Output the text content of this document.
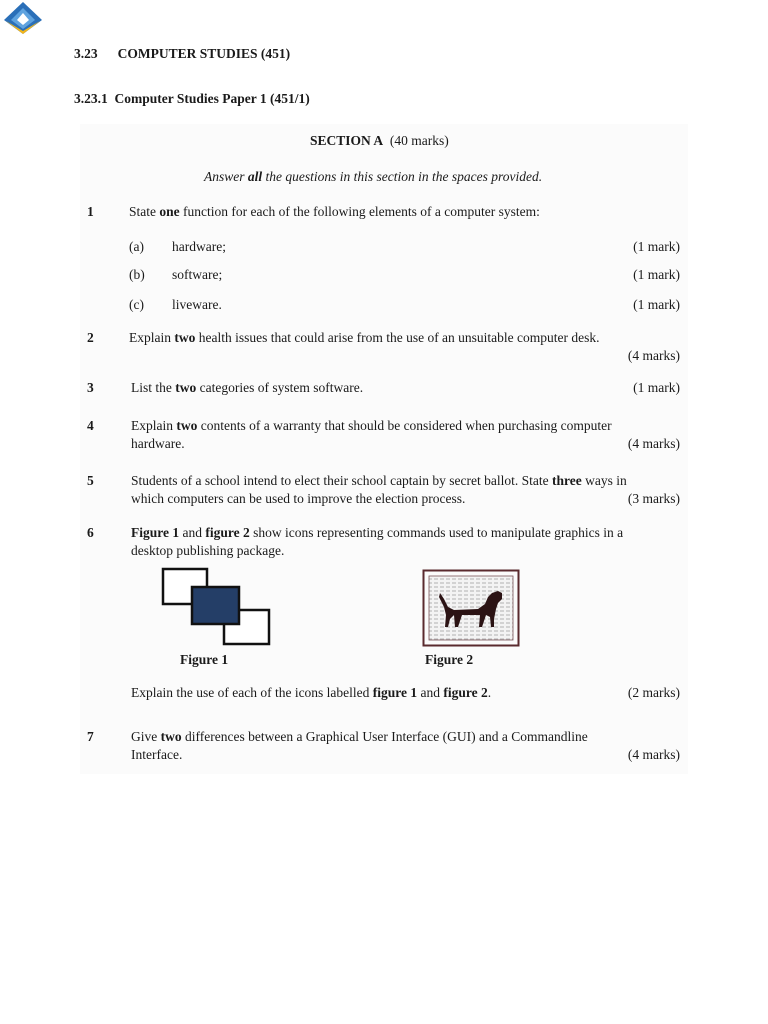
3.23 COMPUTER STUDIES (451)
3.23.1 Computer Studies Paper 1 (451/1)
SECTION A (40 marks)
Answer all the questions in this section in the spaces provided.
1	State one function for each of the following elements of a computer system:
(a) hardware;	(1 mark)
(b) software;	(1 mark)
(c) liveware.	(1 mark)
2	Explain two health issues that could arise from the use of an unsuitable computer desk.
(4 marks)
3	List the two categories of system software.	(1 mark)
4	Explain two contents of a warranty that should be considered when purchasing computer
hardware.	(4 marks)
5	Students of a school intend to elect their school captain by secret ballot. State three ways in
which computers can be used to improve the election process.	(3 marks)
6	Figure 1 and figure 2 show icons representing commands used to manipulate graphics in a
desktop publishing package.
Figure 1	Figure 2
Explain the use of each of the icons labelled figure 1 and figure 2.	(2 marks)
7	Give two differences between a Graphical User Interface (GUI) and a Commandline
Interface.	(4 marks)
